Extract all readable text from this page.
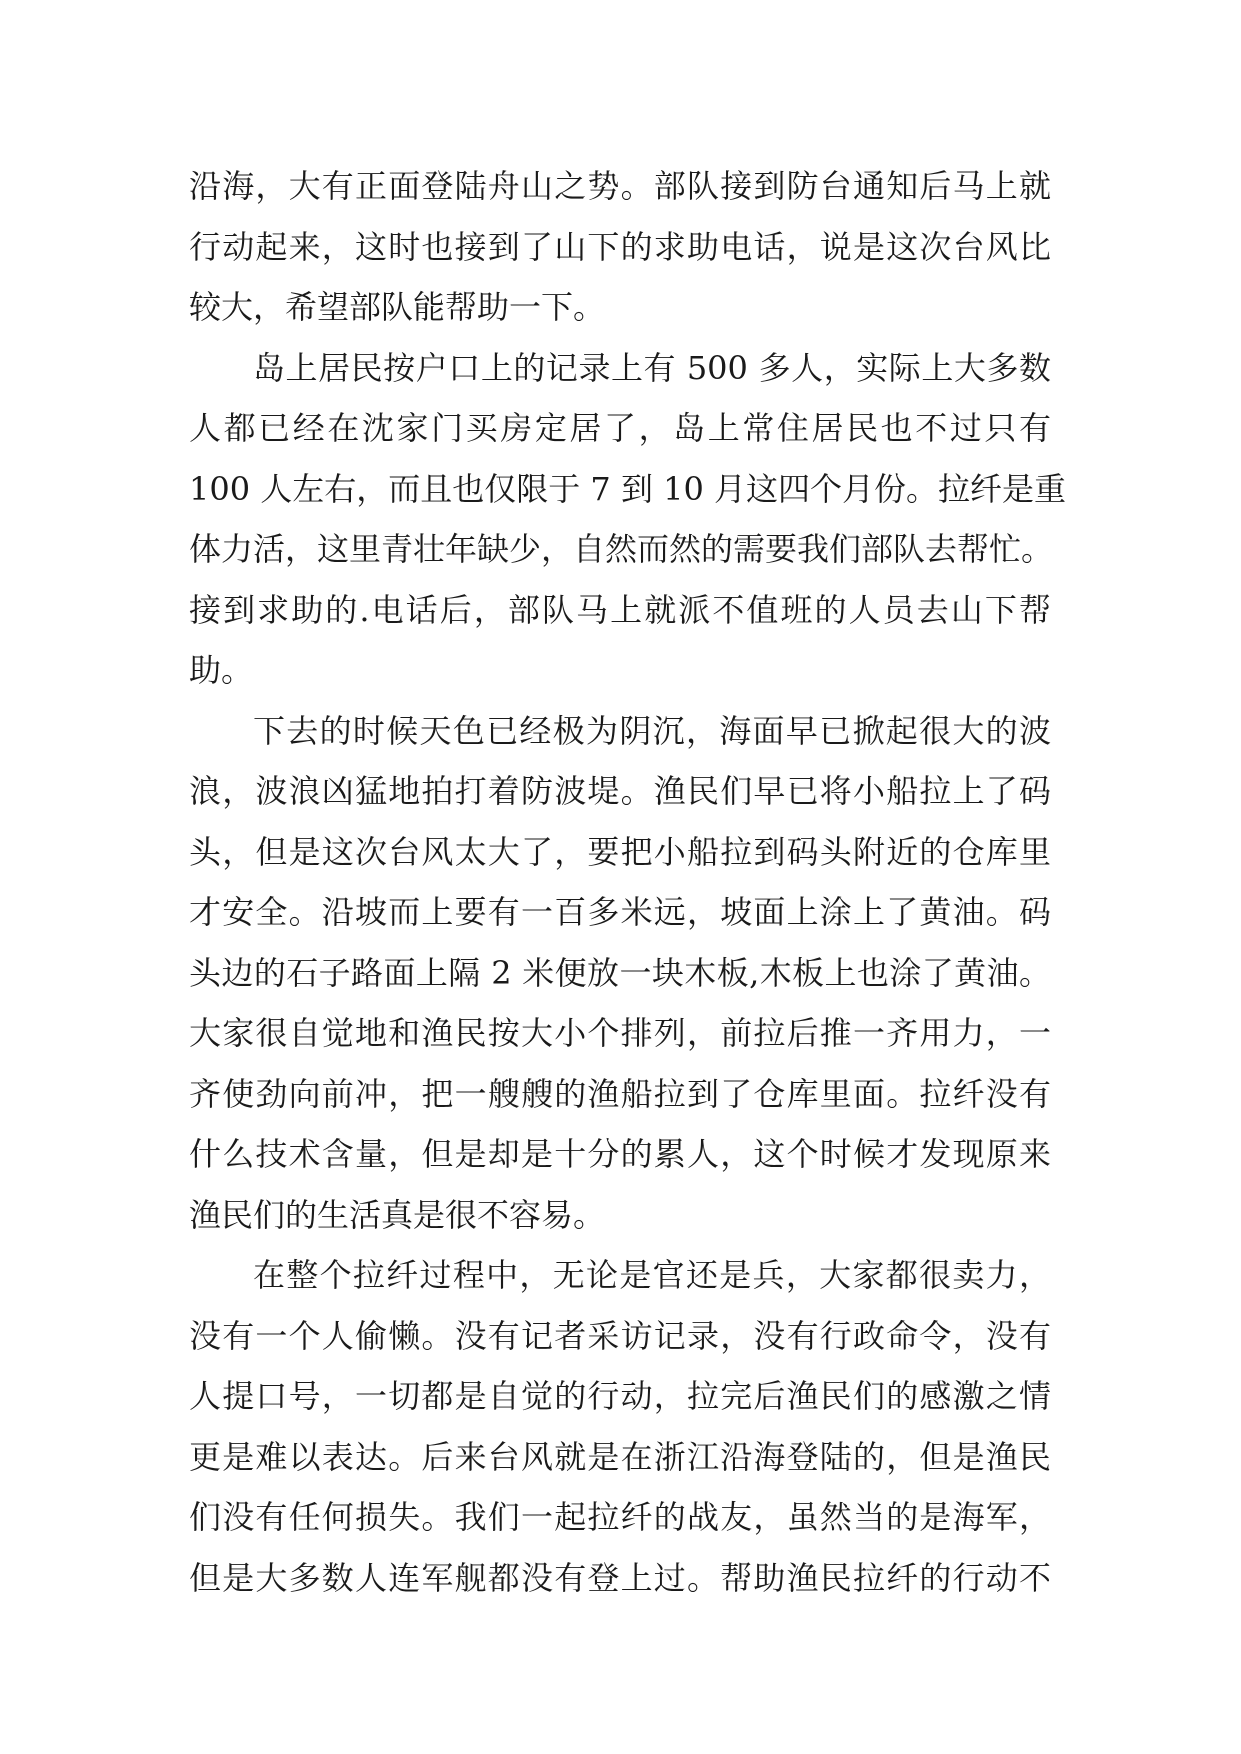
沿海，大有正面登陆舟山之势。部队接到防台通知后马上就
行动起来，这时也接到了山下的求助电话，说是这次台风比
较大，希望部队能帮助一下。
岛上居民按户口上的记录上有 500 多人，实际上大多数
人都已经在沈家门买房定居了，岛上常住居民也不过只有
100 人左右，而且也仅限于 7 到 10 月这四个月份。拉纤是重
体力活，这里青壮年缺少，自然而然的需要我们部队去帮忙。
接到求助的.电话后，部队马上就派不值班的人员去山下帮
助。
下去的时候天色已经极为阴沉，海面早已掀起很大的波
浪，波浪凶猛地拍打着防波堤。渔民们早已将小船拉上了码
头，但是这次台风太大了，要把小船拉到码头附近的仓库里
才安全。沿坡而上要有一百多米远，坡面上涂上了黄油。码
头边的石子路面上隔 2 米便放一块木板,木板上也涂了黄油。
大家很自觉地和渔民按大小个排列，前拉后推一齐用力，一
齐使劲向前冲，把一艘艘的渔船拉到了仓库里面。拉纤没有
什么技术含量，但是却是十分的累人，这个时候才发现原来
渔民们的生活真是很不容易。
在整个拉纤过程中，无论是官还是兵，大家都很卖力，
没有一个人偷懒。没有记者采访记录，没有行政命令，没有
人提口号，一切都是自觉的行动，拉完后渔民们的感激之情
更是难以表达。后来台风就是在浙江沿海登陆的，但是渔民
们没有任何损失。我们一起拉纤的战友，虽然当的是海军，
但是大多数人连军舰都没有登上过。帮助渔民拉纤的行动不
